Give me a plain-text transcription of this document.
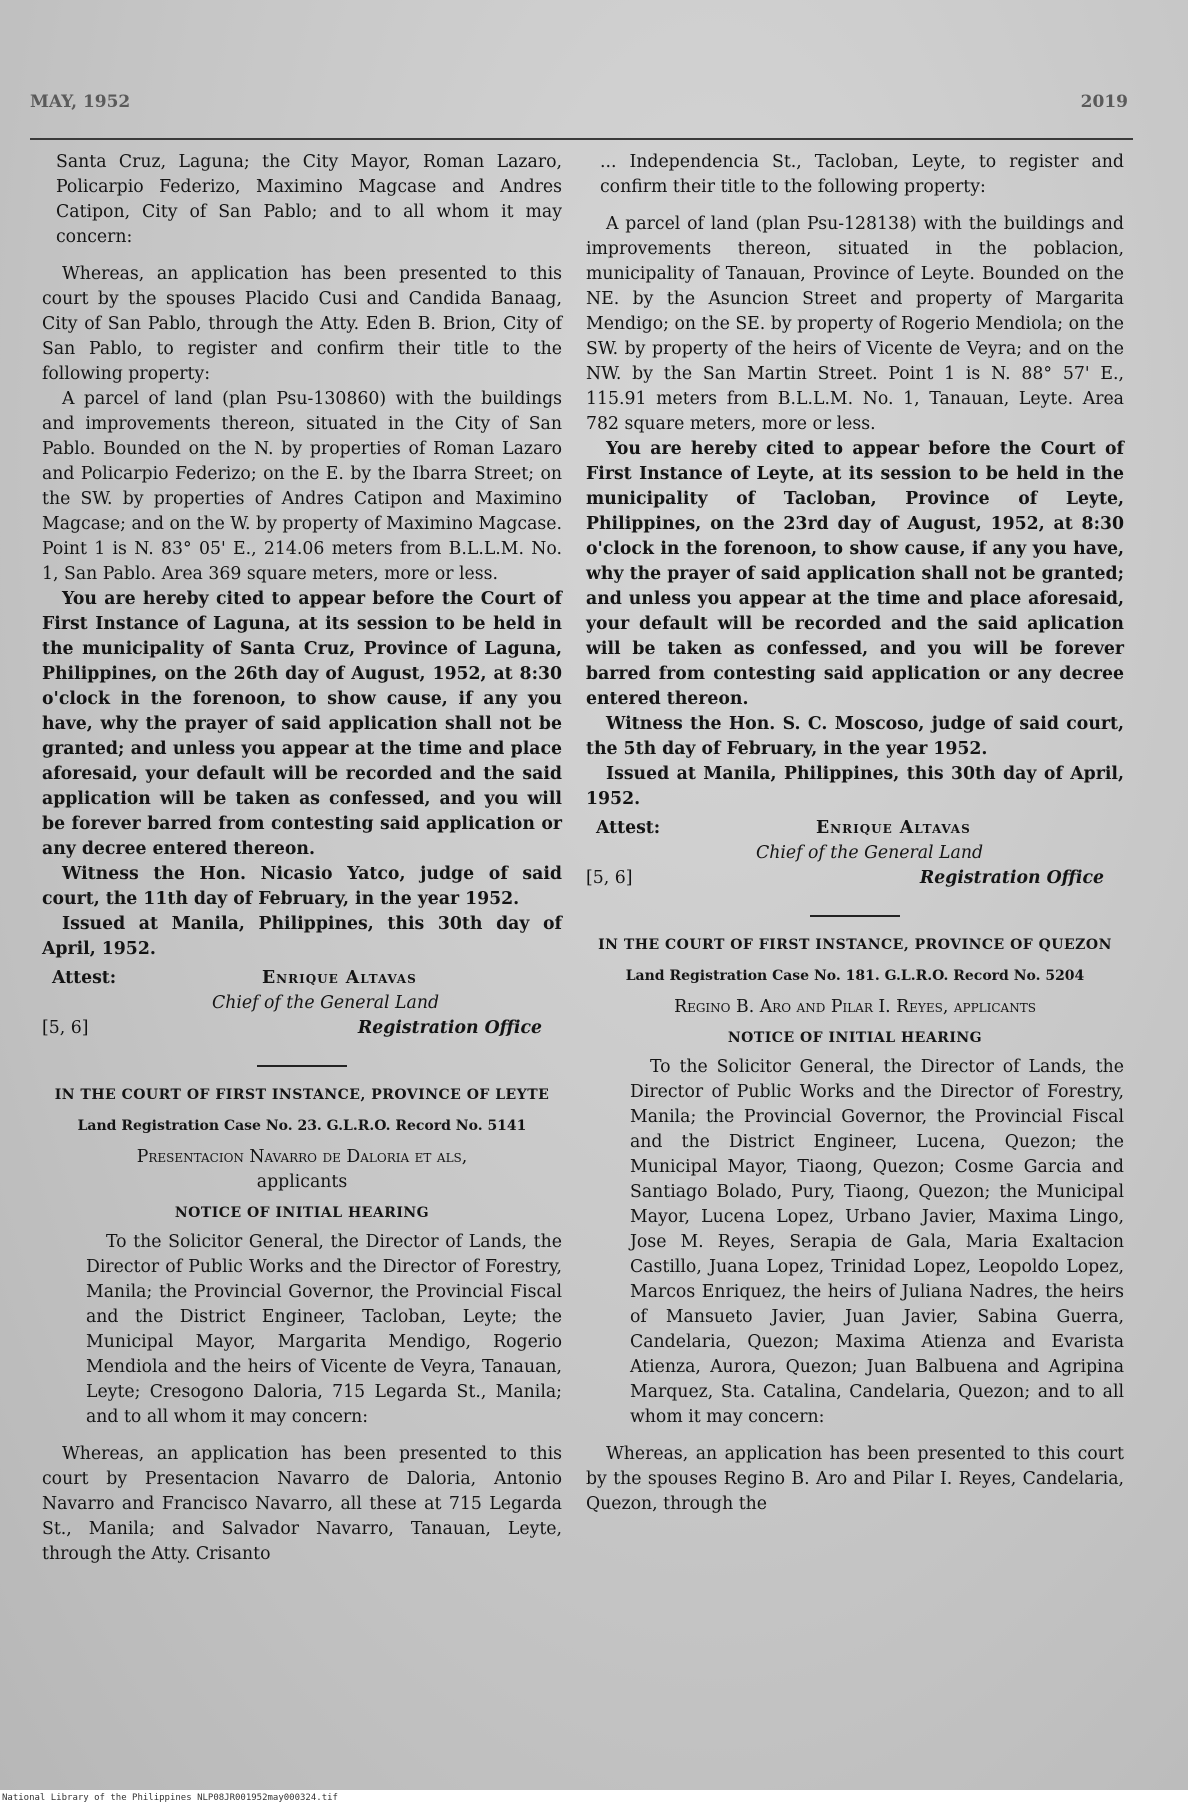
MAY, 1952	2019

Santa Cruz, Laguna; the City Mayor, Roman Lazaro, Policarpio Federizo, Maximino Magcase and Andres Catipon, City of San Pablo; and to all whom it may concern:

Whereas, an application has been presented to this court by the spouses Placido Cusi and Candida Banaag, City of San Pablo, through the Atty. Eden B. Brion, City of San Pablo, to register and confirm their title to the following property:

A parcel of land (plan Psu-130860) with the buildings and improvements thereon, situated in the City of San Pablo. Bounded on the N. by properties of Roman Lazaro and Policarpio Federizo; on the E. by the Ibarra Street; on the SW. by properties of Andres Catipon and Maximino Magcase; and on the W. by property of Maximino Magcase. Point 1 is N. 83° 05' E., 214.06 meters from B.L.L.M. No. 1, San Pablo. Area 369 square meters, more or less.

You are hereby cited to appear before the Court of First Instance of Laguna, at its session to be held in the municipality of Santa Cruz, Province of Laguna, Philippines, on the 26th day of August, 1952, at 8:30 o'clock in the forenoon, to show cause, if any you have, why the prayer of said application shall not be granted; and unless you appear at the time and place aforesaid, your default will be recorded and the said application will be taken as confessed, and you will be forever barred from contesting said application or any decree entered thereon.

Witness the Hon. Nicasio Yatco, judge of said court, the 11th day of February, in the year 1952.

Issued at Manila, Philippines, this 30th day of April, 1952.

Attest:	Enrique Altavas
Chief of the General Land
[5, 6]	Registration Office
IN THE COURT OF FIRST INSTANCE, PROVINCE OF LEYTE
Land Registration Case No. 23. G.L.R.O. Record No. 5141
Presentacion Navarro de Daloria et als,
applicants
NOTICE OF INITIAL HEARING

To the Solicitor General, the Director of Lands, the Director of Public Works and the Director of Forestry, Manila; the Provincial Governor, the Provincial Fiscal and the District Engineer, Tacloban, Leyte; the Municipal Mayor, Margarita Mendigo, Rogerio Mendiola and the heirs of Vicente de Veyra, Tanauan, Leyte; Cresogono Daloria, 715 Legarda St., Manila; and to all whom it may concern:

Whereas, an application has been presented to this court by Presentacion Navarro de Daloria, Antonio Navarro and Francisco Navarro, all these at 715 Legarda St., Manila; and Salvador Navarro, Tanauan, Leyte, through the Atty. Crisanto

... Independencia St., Tacloban, Leyte, to register and confirm their title to the following property:

A parcel of land (plan Psu-128138) with the buildings and improvements thereon, situated in the poblacion, municipality of Tanauan, Province of Leyte. Bounded on the NE. by the Asuncion Street and property of Margarita Mendigo; on the SE. by property of Rogerio Mendiola; on the SW. by property of the heirs of Vicente de Veyra; and on the NW. by the San Martin Street. Point 1 is N. 88° 57' E., 115.91 meters from B.L.L.M. No. 1, Tanauan, Leyte. Area 782 square meters, more or less.

You are hereby cited to appear before the Court of First Instance of Leyte, at its session to be held in the municipality of Tacloban, Province of Leyte, Philippines, on the 23rd day of August, 1952, at 8:30 o'clock in the forenoon, to show cause, if any you have, why the prayer of said application shall not be granted; and unless you appear at the time and place aforesaid, your default will be recorded and the said aplication will be taken as confessed, and you will be forever barred from contesting said application or any decree entered thereon.

Witness the Hon. S. C. Moscoso, judge of said court, the 5th day of February, in the year 1952.

Issued at Manila, Philippines, this 30th day of April, 1952.

Attest:	Enrique Altavas
Chief of the General Land
[5, 6]	Registration Office
IN THE COURT OF FIRST INSTANCE, PROVINCE OF QUEZON
Land Registration Case No. 181. G.L.R.O. Record No. 5204
Regino B. Aro and Pilar I. Reyes, applicants
NOTICE OF INITIAL HEARING

To the Solicitor General, the Director of Lands, the Director of Public Works and the Director of Forestry, Manila; the Provincial Governor, the Provincial Fiscal and the District Engineer, Lucena, Quezon; the Municipal Mayor, Tiaong, Quezon; Cosme Garcia and Santiago Bolado, Pury, Tiaong, Quezon; the Municipal Mayor, Lucena Lopez, Urbano Javier, Maxima Lingo, Jose M. Reyes, Serapia de Gala, Maria Exaltacion Castillo, Juana Lopez, Trinidad Lopez, Leopoldo Lopez, Marcos Enriquez, the heirs of Juliana Nadres, the heirs of Mansueto Javier, Juan Javier, Sabina Guerra, Candelaria, Quezon; Maxima Atienza and Evarista Atienza, Aurora, Quezon; Juan Balbuena and Agripina Marquez, Sta. Catalina, Candelaria, Quezon; and to all whom it may concern:

Whereas, an application has been presented to this court by the spouses Regino B. Aro and Pilar I. Reyes, Candelaria, Quezon, through the

National Library of the Philippines NLP08JR001952may000324.tif
